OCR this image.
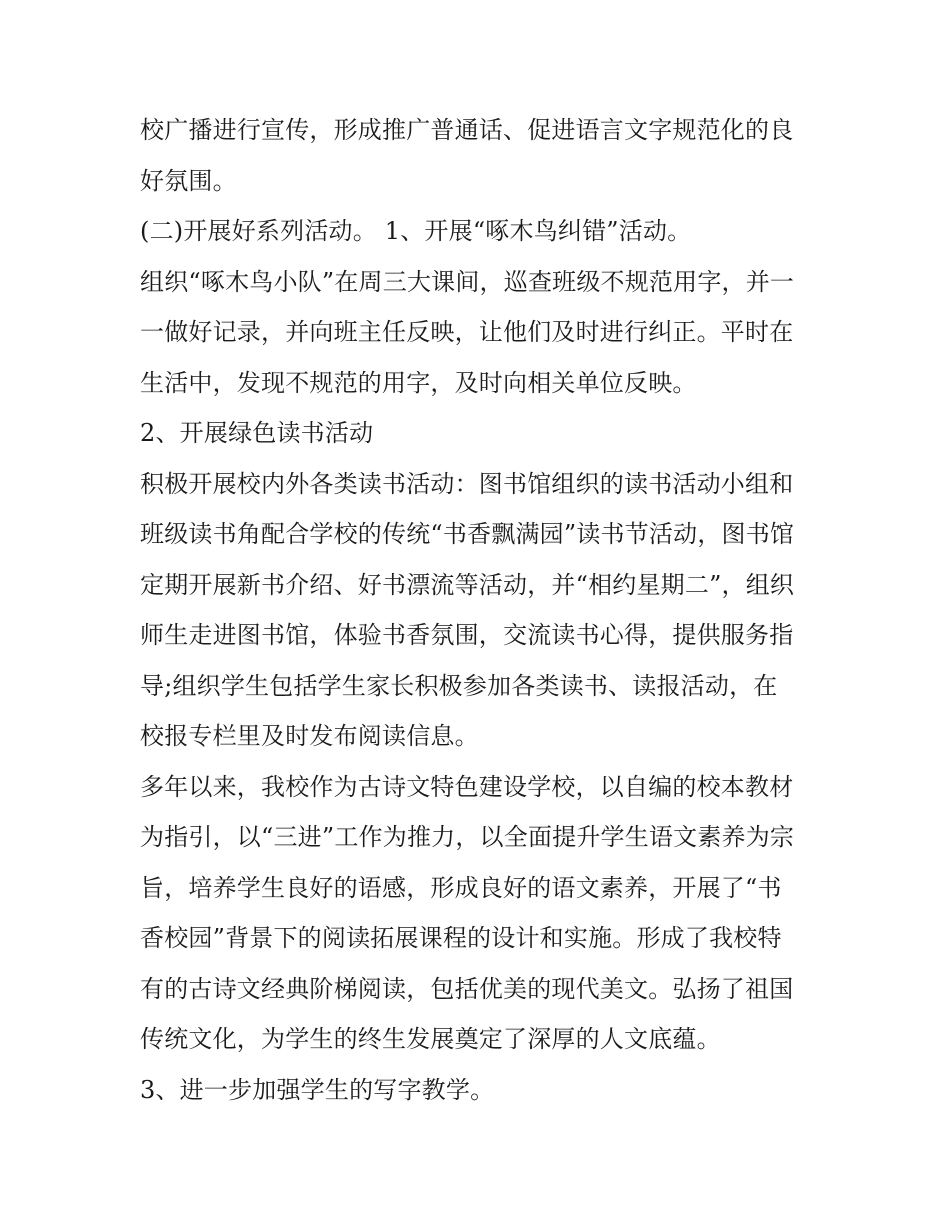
校广播进行宣传，形成推广普通话、促进语言文字规范化的良
好氛围。
(二)开展好系列活动。 1、开展“啄木鸟纠错”活动。
组织“啄木鸟小队”在周三大课间，巡查班级不规范用字，并一
一做好记录，并向班主任反映，让他们及时进行纠正。平时在
生活中，发现不规范的用字，及时向相关单位反映。
2、开展绿色读书活动
积极开展校内外各类读书活动：图书馆组织的读书活动小组和
班级读书角配合学校的传统“书香飘满园”读书节活动，图书馆
定期开展新书介绍、好书漂流等活动，并“相约星期二”，组织
师生走进图书馆，体验书香氛围，交流读书心得，提供服务指
导;组织学生包括学生家长积极参加各类读书、读报活动，在
校报专栏里及时发布阅读信息。
多年以来，我校作为古诗文特色建设学校，以自编的校本教材
为指引，以“三进”工作为推力，以全面提升学生语文素养为宗
旨，培养学生良好的语感，形成良好的语文素养，开展了“书
香校园”背景下的阅读拓展课程的设计和实施。形成了我校特
有的古诗文经典阶梯阅读，包括优美的现代美文。弘扬了祖国
传统文化，为学生的终生发展奠定了深厚的人文底蕴。
3、进一步加强学生的写字教学。
